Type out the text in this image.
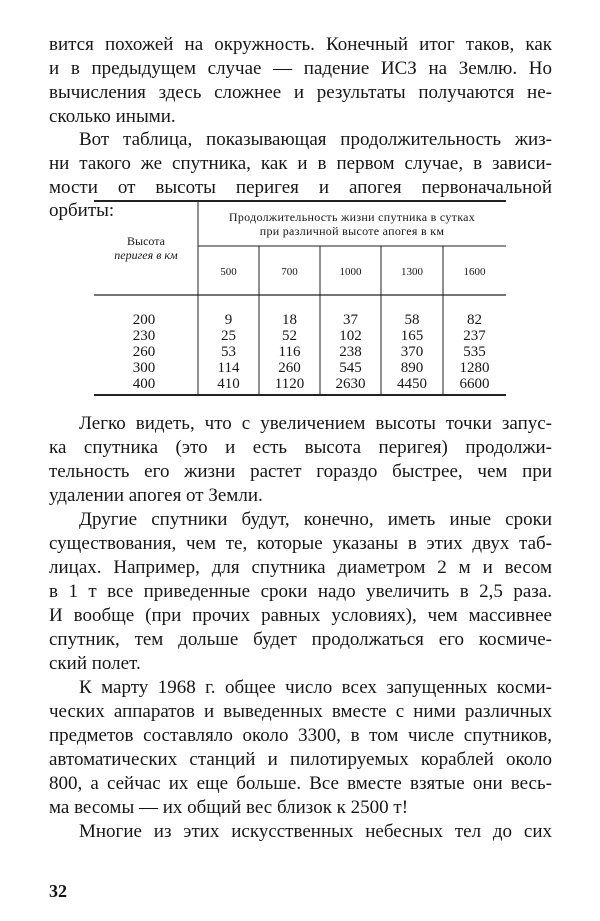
вится похожей на окружность. Конечный итог таков, как
и в предыдущем случае — падение ИСЗ на Землю. Но
вычисления здесь сложнее и результаты получаются не-
сколько иными.
Вот таблица, показывающая продолжительность жиз-
ни такого же спутника, как и в первом случае, в зависи-
мости от высоты перигея и апогея первоначальной
орбиты:
Высота
перигея в км
Продолжительность жизни спутника в сутках
при различной высоте апогея в км
500	700	1000	1300	1600
200	9	18	37	58	82
230	25	52	102	165	237
260	53	116	238	370	535
300	114	260	545	890	1280
400	410	1120	2630	4450	6600
Легко видеть, что с увеличением высоты точки запус-
ка спутника (это и есть высота перигея) продолжи-
тельность его жизни растет гораздо быстрее, чем при
удалении апогея от Земли.
Другие спутники будут, конечно, иметь иные сроки
существования, чем те, которые указаны в этих двух таб-
лицах. Например, для спутника диаметром 2 м и весом
в 1 т все приведенные сроки надо увеличить в 2,5 раза.
И вообще (при прочих равных условиях), чем массивнее
спутник, тем дольше будет продолжаться его космиче-
ский полет.
К марту 1968 г. общее число всех запущенных косми-
ческих аппаратов и выведенных вместе с ними различных
предметов составляло около 3300, в том числе спутников,
автоматических станций и пилотируемых кораблей около
800, а сейчас их еще больше. Все вместе взятые они весь-
ма весомы — их общий вес близок к 2500 т!
Многие из этих искусственных небесных тел до сих
32
